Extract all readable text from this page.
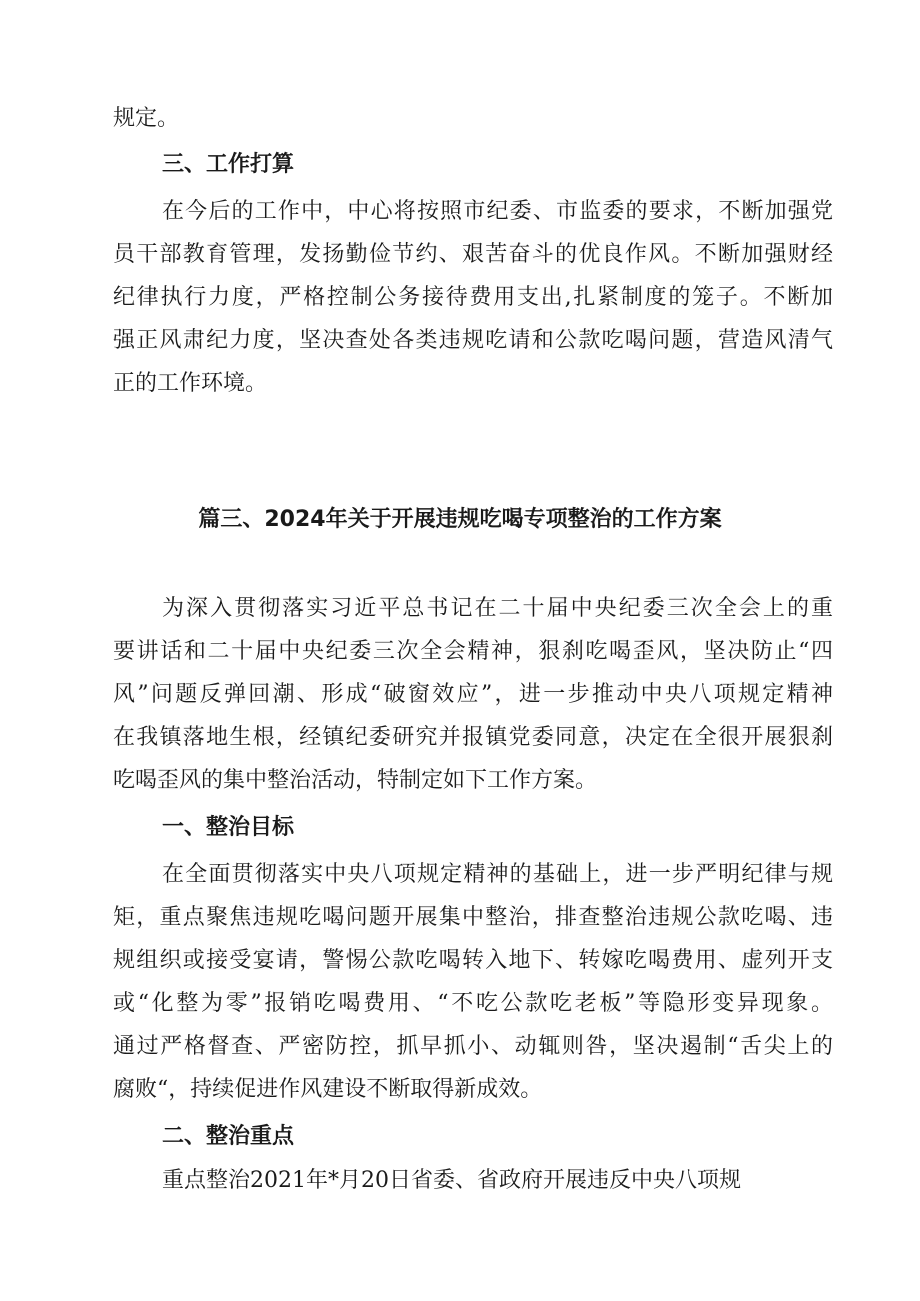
规定。
三、工作打算
在今后的工作中，中心将按照市纪委、市监委的要求，不断加强党
员干部教育管理，发扬勤俭节约、艰苦奋斗的优良作风。不断加强财经
纪律执行力度，严格控制公务接待费用支出,扎紧制度的笼子。不断加
强正风肃纪力度，坚决查处各类违规吃请和公款吃喝问题，营造风清气
正的工作环境。
篇三、2024年关于开展违规吃喝专项整治的工作方案
为深入贯彻落实习近平总书记在二十届中央纪委三次全会上的重
要讲话和二十届中央纪委三次全会精神，狠刹吃喝歪风，坚决防止“四
风”问题反弹回潮、形成“破窗效应”，进一步推动中央八项规定精神
在我镇落地生根，经镇纪委研究并报镇党委同意，决定在全很开展狠刹
吃喝歪风的集中整治活动，特制定如下工作方案。
一、整治目标
在全面贯彻落实中央八项规定精神的基础上，进一步严明纪律与规
矩，重点聚焦违规吃喝问题开展集中整治，排查整治违规公款吃喝、违
规组织或接受宴请，警惕公款吃喝转入地下、转嫁吃喝费用、虚列开支
或“化整为零”报销吃喝费用、“不吃公款吃老板”等隐形变异现象。
通过严格督查、严密防控，抓早抓小、动辄则咎，坚决遏制“舌尖上的
腐败“，持续促进作风建设不断取得新成效。
二、整治重点
重点整治2021年*月20日省委、省政府开展违反中央八项规
